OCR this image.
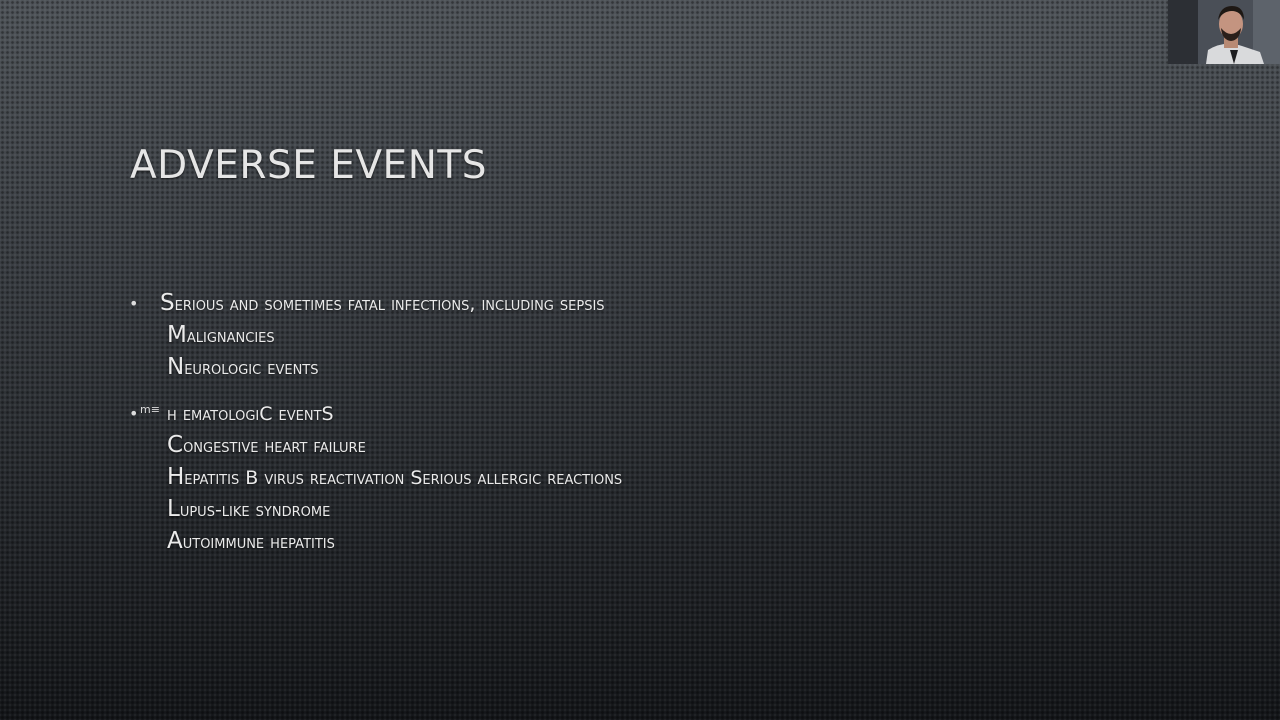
ADVERSE EVENTS
• Serious and sometimes fatal infections, including sepsis
Malignancies
Neurologic events
• m≡ h ematologiC eventS
Congestive heart failure
Hepatitis B virus reactivation Serious allergic reactions
Lupus-like syndrome
Autoimmune hepatitis
